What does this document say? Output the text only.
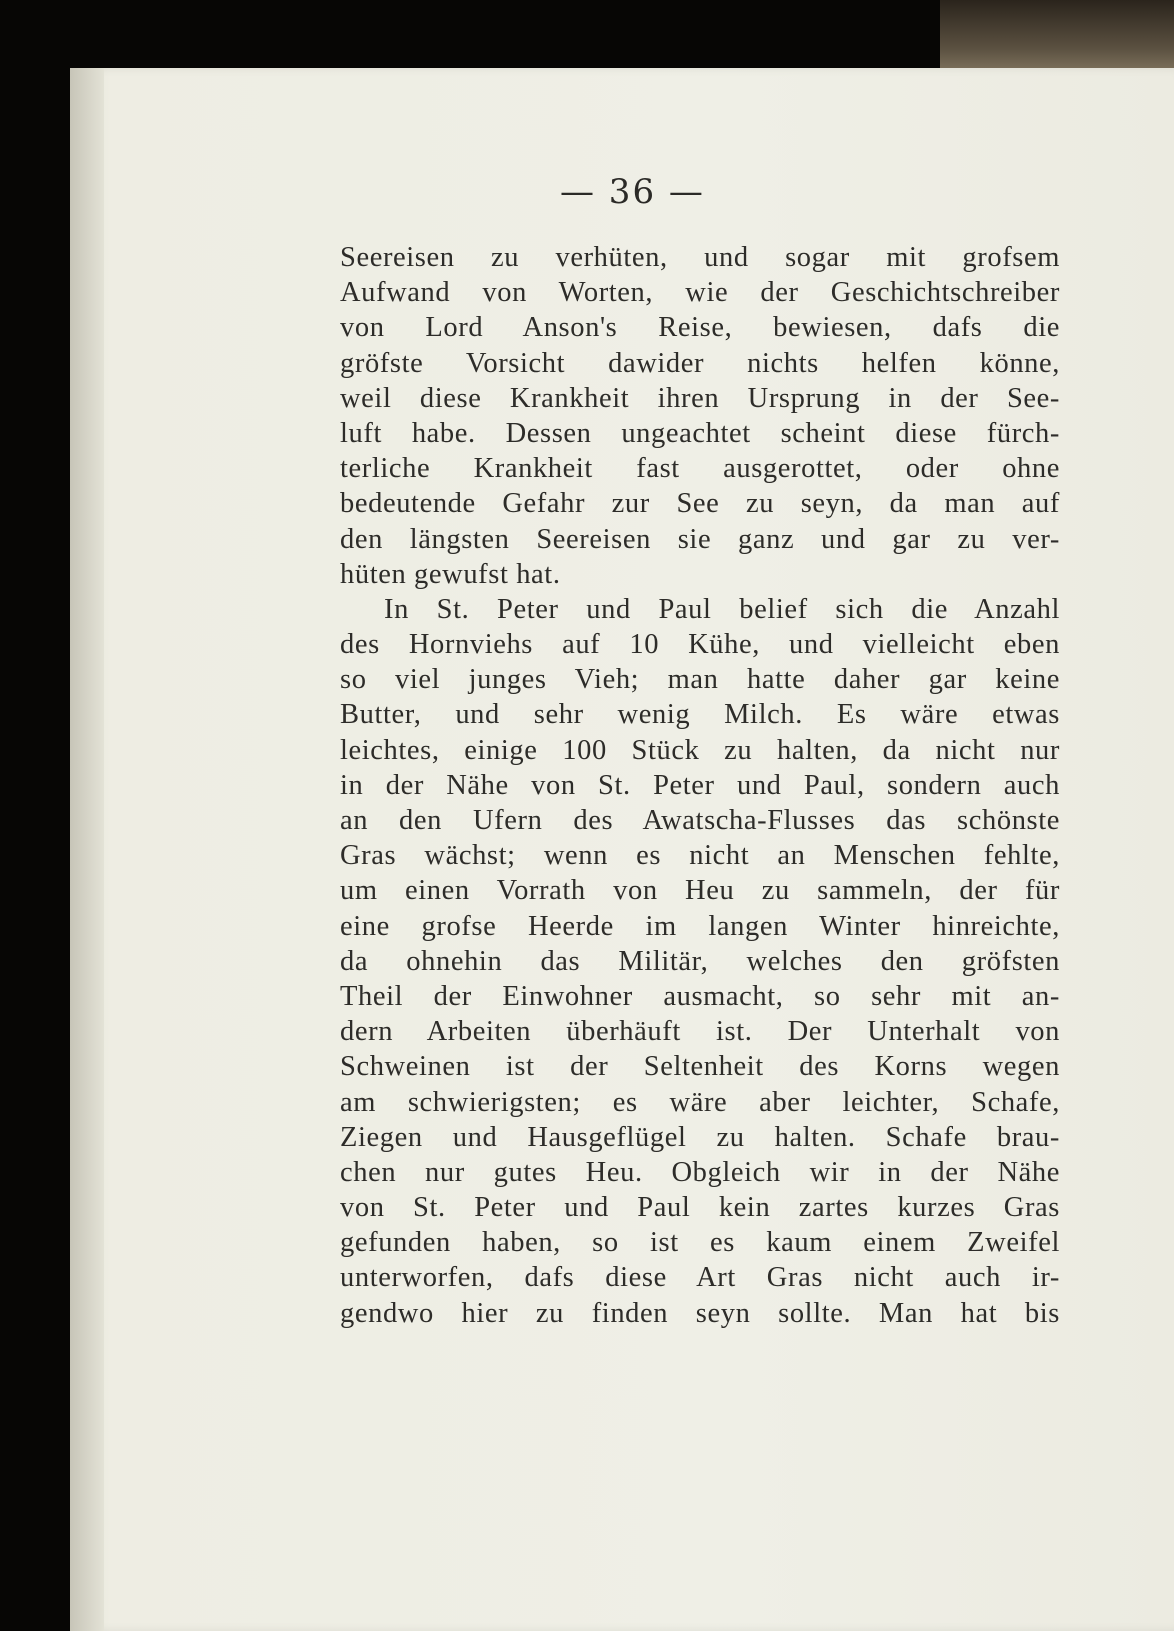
— 36 —
Seereisen zu verhüten, und sogar mit grofsem
Aufwand von Worten, wie der Geschichtschreiber
von Lord Anson's Reise, bewiesen, dafs die
gröfste Vorsicht dawider nichts helfen könne,
weil diese Krankheit ihren Ursprung in der See-
luft habe. Dessen ungeachtet scheint diese fürch-
terliche Krankheit fast ausgerottet, oder ohne
bedeutende Gefahr zur See zu seyn, da man auf
den längsten Seereisen sie ganz und gar zu ver-
hüten gewufst hat.
In St. Peter und Paul belief sich die Anzahl
des Hornviehs auf 10 Kühe, und vielleicht eben
so viel junges Vieh; man hatte daher gar keine
Butter, und sehr wenig Milch. Es wäre etwas
leichtes, einige 100 Stück zu halten, da nicht nur
in der Nähe von St. Peter und Paul, sondern auch
an den Ufern des Awatscha-Flusses das schönste
Gras wächst; wenn es nicht an Menschen fehlte,
um einen Vorrath von Heu zu sammeln, der für
eine grofse Heerde im langen Winter hinreichte,
da ohnehin das Militär, welches den gröfsten
Theil der Einwohner ausmacht, so sehr mit an-
dern Arbeiten überhäuft ist. Der Unterhalt von
Schweinen ist der Seltenheit des Korns wegen
am schwierigsten; es wäre aber leichter, Schafe,
Ziegen und Hausgeflügel zu halten. Schafe brau-
chen nur gutes Heu. Obgleich wir in der Nähe
von St. Peter und Paul kein zartes kurzes Gras
gefunden haben, so ist es kaum einem Zweifel
unterworfen, dafs diese Art Gras nicht auch ir-
gendwo hier zu finden seyn sollte. Man hat bis
